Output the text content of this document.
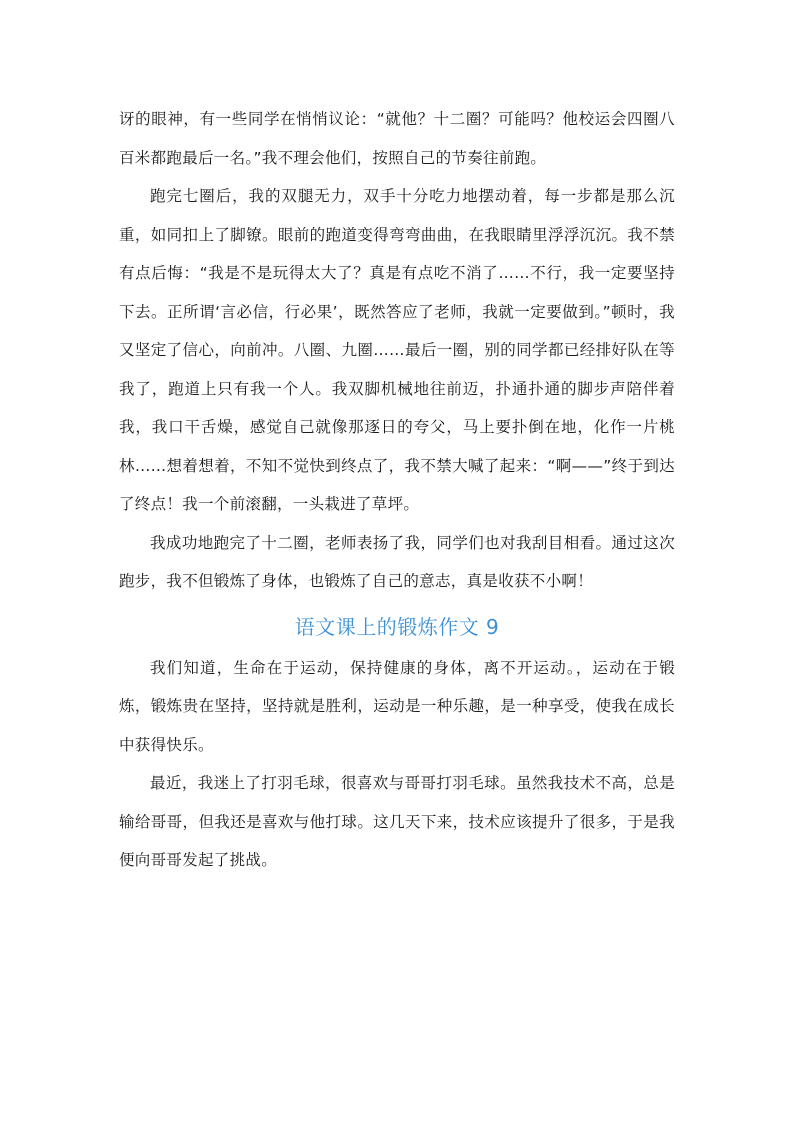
讶的眼神，有一些同学在悄悄议论：“就他？十二圈？可能吗？他校运会四圈八百米都跑最后一名。”我不理会他们，按照自己的节奏往前跑。

跑完七圈后，我的双腿无力，双手十分吃力地摆动着，每一步都是那么沉重，如同扣上了脚镣。眼前的跑道变得弯弯曲曲，在我眼睛里浮浮沉沉。我不禁有点后悔：“我是不是玩得太大了？真是有点吃不消了……不行，我一定要坚持下去。正所谓‘言必信，行必果’，既然答应了老师，我就一定要做到。”顿时，我又坚定了信心，向前冲。八圈、九圈……最后一圈，别的同学都已经排好队在等我了，跑道上只有我一个人。我双脚机械地往前迈，扑通扑通的脚步声陪伴着我，我口干舌燥，感觉自己就像那逐日的夸父，马上要扑倒在地，化作一片桃林……想着想着，不知不觉快到终点了，我不禁大喊了起来：“啊——”终于到达了终点！我一个前滚翻，一头栽进了草坪。

我成功地跑完了十二圈，老师表扬了我，同学们也对我刮目相看。通过这次跑步，我不但锻炼了身体，也锻炼了自己的意志，真是收获不小啊！

语文课上的锻炼作文 9

我们知道，生命在于运动，保持健康的身体，离不开运动。，运动在于锻炼，锻炼贵在坚持，坚持就是胜利，运动是一种乐趣，是一种享受，使我在成长中获得快乐。

最近，我迷上了打羽毛球，很喜欢与哥哥打羽毛球。虽然我技术不高，总是输给哥哥，但我还是喜欢与他打球。这几天下来，技术应该提升了很多，于是我便向哥哥发起了挑战。
